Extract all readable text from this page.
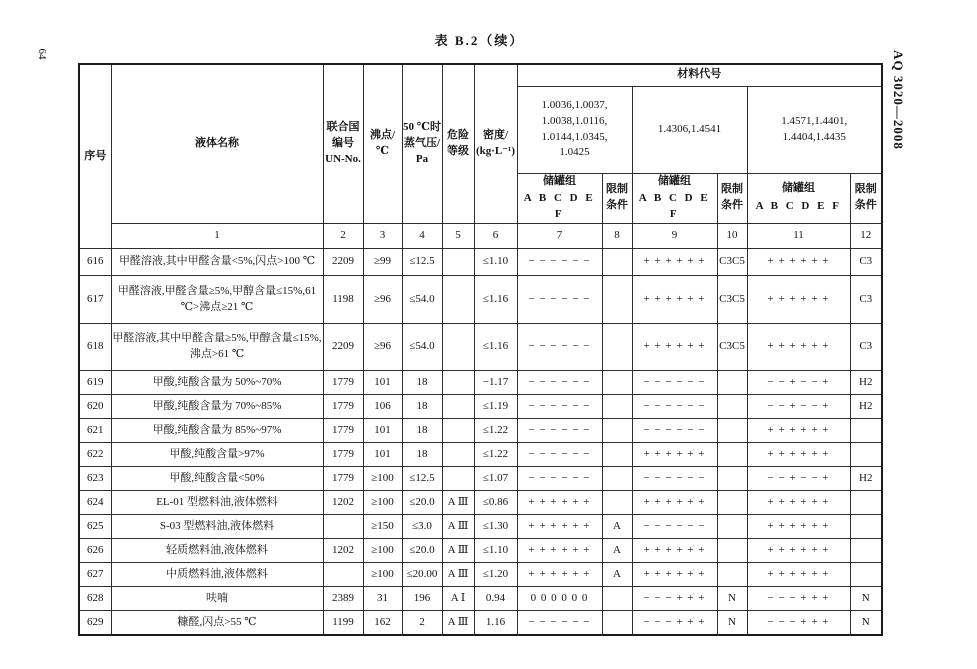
64	AQ 3020—2008
表 B.2（续）
序号	液体名称	
联合国
编号
UN-No.

沸点/
℃

50 ℃时
蒸气压/
Pa

危险
等级

密度/
(kg·L⁻¹)
	材料代号

1.0036,1.0037,
1.0038,1.0116,
1.0144,1.0345,
1.0425

1.4306,1.4541

1.4571,1.4401,
1.4404,1.4435

储罐组
A B C D E F

限制
条件

储罐组
A B C D E F

限制
条件

储罐组
A B C D E F

限制
条件

	1	2	3	4	5	6	7	8	9	10	11	12
616	甲醛溶液,其中甲醛含量<5%,闪点>100 ℃	2209	≥99	≤12.5		≤1.10	− − − − − −		+ + + + + +	C3C5	+ + + + + +	C3
617	甲醛溶液,甲醛含量≥5%,甲醇含量≤15%,61 ℃>沸点≥21 ℃	1198	≥96	≤54.0		≤1.16	− − − − − −		+ + + + + +	C3C5	+ + + + + +	C3
618	甲醛溶液,其中甲醛含量≥5%,甲醇含量≤15%,沸点>61 ℃	2209	≥96	≤54.0		≤1.16	− − − − − −		+ + + + + +	C3C5	+ + + + + +	C3
619	甲酸,纯酸含量为 50%~70%	1779	101	18		−1.17	− − − − − −		− − − − − −		− − + − − +	H2
620	甲酸,纯酸含量为 70%~85%	1779	106	18		≤1.19	− − − − − −		− − − − − −		− − + − − +	H2
621	甲酸,纯酸含量为 85%~97%	1779	101	18		≤1.22	− − − − − −		− − − − − −		+ + + + + +	
622	甲酸,纯酸含量>97%	1779	101	18		≤1.22	− − − − − −		+ + + + + +		+ + + + + +	
623	甲酸,纯酸含量<50%	1779	≥100	≤12.5		≤1.07	− − − − − −		− − − − − −		− − + − − +	H2
624	EL-01 型燃料油,液体燃料	1202	≥100	≤20.0	A Ⅲ	≤0.86	+ + + + + +		+ + + + + +		+ + + + + +	
625	S-03 型燃料油,液体燃料		≥150	≤3.0	A Ⅲ	≤1.30	+ + + + + +	A	− − − − − −		+ + + + + +	
626	轻质燃料油,液体燃料	1202	≥100	≤20.0	A Ⅲ	≤1.10	+ + + + + +	A	+ + + + + +		+ + + + + +	
627	中质燃料油,液体燃料		≥100	≤20.00	A Ⅲ	≤1.20	+ + + + + +	A	+ + + + + +		+ + + + + +	
628	呋喃	2389	31	196	A Ⅰ	0.94	0 0 0 0 0 0		− − − + + +	N	− − − + + +	N
629	糠醛,闪点>55 ℃	1199	162	2	A Ⅲ	1.16	− − − − − −		− − − + + +	N	− − − + + +	N
